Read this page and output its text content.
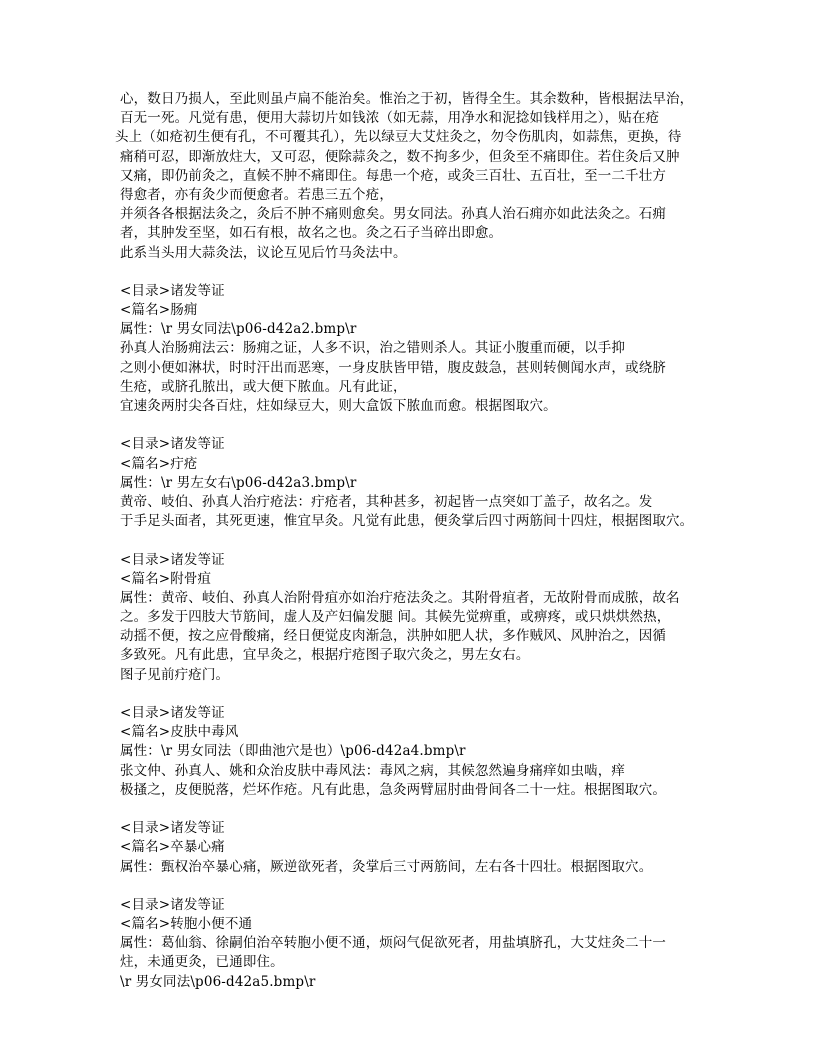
心，数日乃损人，至此则虽卢扁不能治矣。惟治之于初，皆得全生。其余数种，皆根据法早治，
百无一死。凡觉有患，便用大蒜切片如钱浓（如无蒜，用净水和泥捻如钱样用之），贴在疮
头上（如疮初生便有孔，不可覆其孔），先以绿豆大艾炷灸之，勿令伤肌肉，如蒜焦，更换，待
痛稍可忍，即渐放炷大，又可忍，便除蒜灸之，数不拘多少，但灸至不痛即住。若住灸后又肿
又痛，即仍前灸之，直候不肿不痛即住。每患一个疮，或灸三百壮、五百壮，至一二千壮方
得愈者，亦有灸少而便愈者。若患三五个疮，
并须各各根据法灸之，灸后不肿不痛则愈矣。男女同法。孙真人治石痈亦如此法灸之。石痈
者，其肿发至坚，如石有根，故名之也。灸之石子当碎出即愈。
此系当头用大蒜灸法，议论互见后竹马灸法中。
<目录>诸发等证
<篇名>肠痈
属性：\r 男女同法\p06-d42a2.bmp\r
孙真人治肠痈法云：肠痈之证，人多不识，治之错则杀人。其证小腹重而硬，以手抑
之则小便如淋状，时时汗出而恶寒，一身皮肤皆甲错，腹皮鼓急，甚则转侧闻水声，或绕脐
生疮，或脐孔脓出，或大便下脓血。凡有此证，
宜速灸两肘尖各百炷，炷如绿豆大，则大盒饭下脓血而愈。根据图取穴。
<目录>诸发等证
<篇名>疔疮
属性：\r 男左女右\p06-d42a3.bmp\r
黄帝、岐伯、孙真人治疔疮法：疔疮者，其种甚多，初起皆一点突如丁盖子，故名之。发
于手足头面者，其死更速，惟宜早灸。凡觉有此患，便灸掌后四寸两筋间十四炷，根据图取穴。
<目录>诸发等证
<篇名>附骨疽
属性：黄帝、岐伯、孙真人治附骨疽亦如治疔疮法灸之。其附骨疽者，无故附骨而成脓，故名
之。多发于四肢大节筋间，虚人及产妇偏发腿 间。其候先觉痹重，或痹疼，或只烘烘然热，
动摇不便，按之应骨酸痛，经日便觉皮肉渐急，洪肿如肥人状，多作贼风、风肿治之，因循
多致死。凡有此患，宜早灸之，根据疔疮图子取穴灸之，男左女右。
图子见前疔疮门。
<目录>诸发等证
<篇名>皮肤中毒风
属性：\r 男女同法（即曲池穴是也）\p06-d42a4.bmp\r
张文仲、孙真人、姚和众治皮肤中毒风法：毒风之病，其候忽然遍身痛痒如虫啮，痒
极搔之，皮便脱落，烂坏作疮。凡有此患，急灸两臂屈肘曲骨间各二十一炷。根据图取穴。
<目录>诸发等证
<篇名>卒暴心痛
属性：甄权治卒暴心痛，厥逆欲死者，灸掌后三寸两筋间，左右各十四壮。根据图取穴。
<目录>诸发等证
<篇名>转胞小便不通
属性：葛仙翁、徐嗣伯治卒转胞小便不通，烦闷气促欲死者，用盐填脐孔，大艾炷灸二十一
炷，未通更灸，已通即住。
\r 男女同法\p06-d42a5.bmp\r
